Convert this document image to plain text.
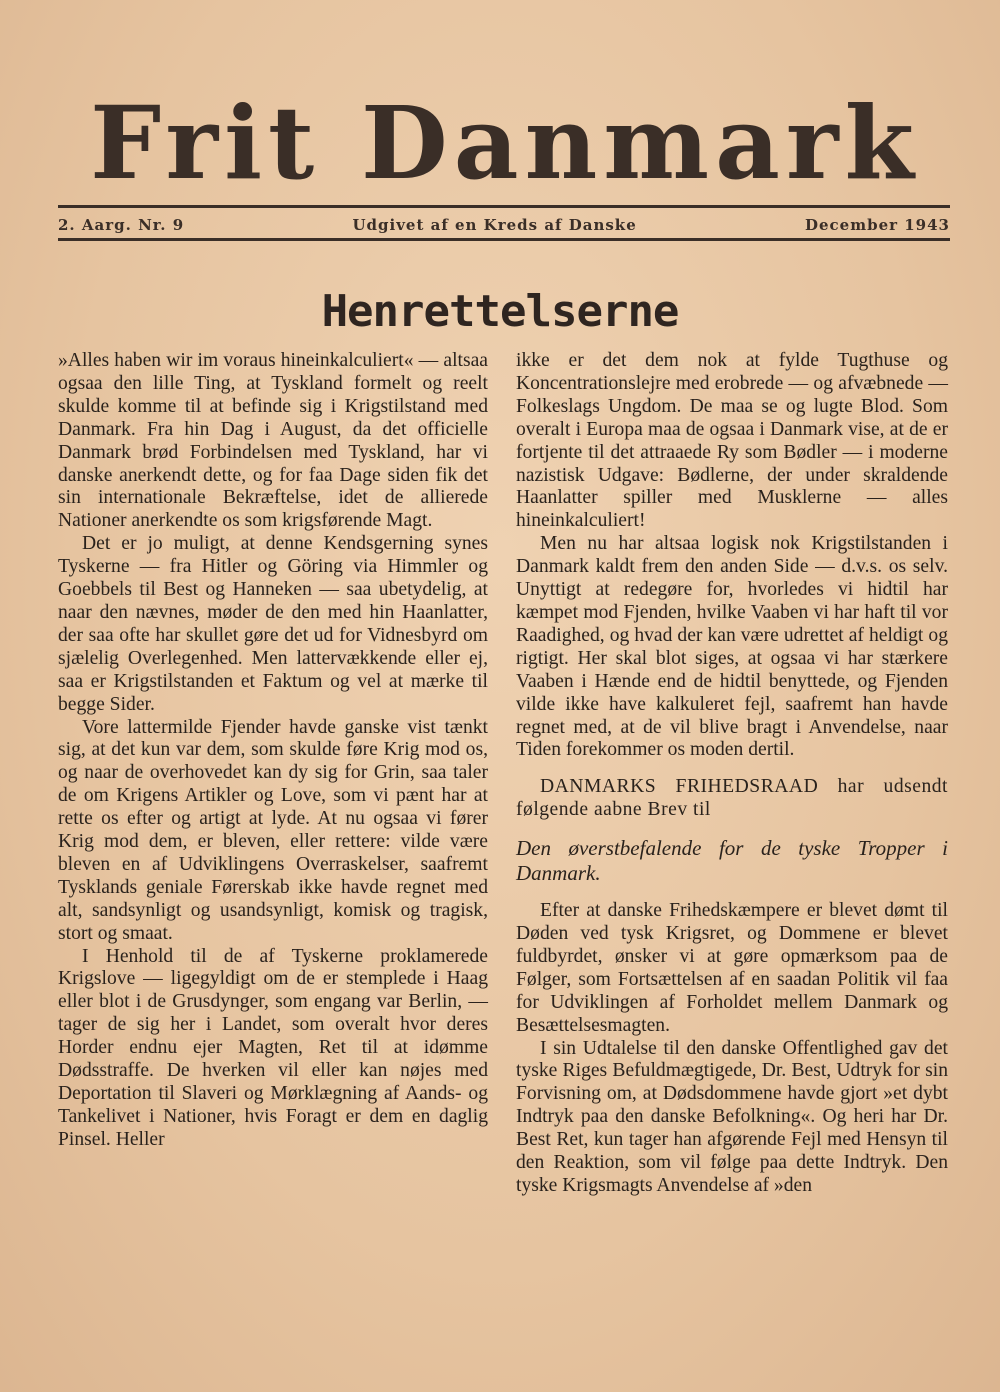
Frit Danmark
2. Aarg. Nr. 9	Udgivet af en Kreds af Danske	December 1943
Henrettelserne

»Alles haben wir im voraus hineinkalculiert« — altsaa ogsaa den lille Ting, at Tyskland formelt og reelt skulde komme til at befinde sig i Krigstilstand med Danmark. Fra hin Dag i August, da det officielle Danmark brød Forbindelsen med Tyskland, har vi danske anerkendt dette, og for faa Dage siden fik det sin internationale Bekræftelse, idet de allierede Nationer anerkendte os som krigsførende Magt.

Det er jo muligt, at denne Kendsgerning synes Tyskerne — fra Hitler og Göring via Himmler og Goebbels til Best og Hanneken — saa ubetydelig, at naar den nævnes, møder de den med hin Haanlatter, der saa ofte har skullet gøre det ud for Vidnesbyrd om sjælelig Overlegenhed. Men lattervækkende eller ej, saa er Krigstilstanden et Faktum og vel at mærke til begge Sider.

Vore lattermilde Fjender havde ganske vist tænkt sig, at det kun var dem, som skulde føre Krig mod os, og naar de overhovedet kan dy sig for Grin, saa taler de om Krigens Artikler og Love, som vi pænt har at rette os efter og artigt at lyde. At nu ogsaa vi fører Krig mod dem, er bleven, eller rettere: vilde være bleven en af Udviklingens Overraskelser, saafremt Tysklands geniale Førerskab ikke havde regnet med alt, sandsynligt og usandsynligt, komisk og tragisk, stort og smaat.

I Henhold til de af Tyskerne proklamerede Krigslove — ligegyldigt om de er stemplede i Haag eller blot i de Grusdynger, som engang var Berlin, — tager de sig her i Landet, som overalt hvor deres Horder endnu ejer Magten, Ret til at idømme Dødsstraffe. De hverken vil eller kan nøjes med Deportation til Slaveri og Mørklægning af Aands- og Tankelivet i Nationer, hvis Foragt er dem en daglig Pinsel. Heller

ikke er det dem nok at fylde Tugthuse og Koncentrationslejre med erobrede — og afvæbnede — Folkeslags Ungdom. De maa se og lugte Blod. Som overalt i Europa maa de ogsaa i Danmark vise, at de er fortjente til det attraaede Ry som Bødler — i moderne nazistisk Udgave: Bødlerne, der under skraldende Haanlatter spiller med Musklerne — alles hineinkalculiert!

Men nu har altsaa logisk nok Krigstilstanden i Danmark kaldt frem den anden Side — d.v.s. os selv. Unyttigt at redegøre for, hvorledes vi hidtil har kæmpet mod Fjenden, hvilke Vaaben vi har haft til vor Raadighed, og hvad der kan være udrettet af heldigt og rigtigt. Her skal blot siges, at ogsaa vi har stærkere Vaaben i Hænde end de hidtil benyttede, og Fjenden vilde ikke have kalkuleret fejl, saafremt han havde regnet med, at de vil blive bragt i Anvendelse, naar Tiden forekommer os moden dertil.

DANMARKS FRIHEDSRAAD har udsendt følgende aabne Brev til

Den øverstbefalende for de tyske Tropper i Danmark.

Efter at danske Frihedskæmpere er blevet dømt til Døden ved tysk Krigsret, og Dommene er blevet fuldbyrdet, ønsker vi at gøre opmærksom paa de Følger, som Fortsættelsen af en saadan Politik vil faa for Udviklingen af Forholdet mellem Danmark og Besættelsesmagten.

I sin Udtalelse til den danske Offentlighed gav det tyske Riges Befuldmægtigede, Dr. Best, Udtryk for sin Forvisning om, at Dødsdommene havde gjort »et dybt Indtryk paa den danske Befolkning«. Og heri har Dr. Best Ret, kun tager han afgørende Fejl med Hensyn til den Reaktion, som vil følge paa dette Indtryk. Den tyske Krigsmagts Anvendelse af »den
